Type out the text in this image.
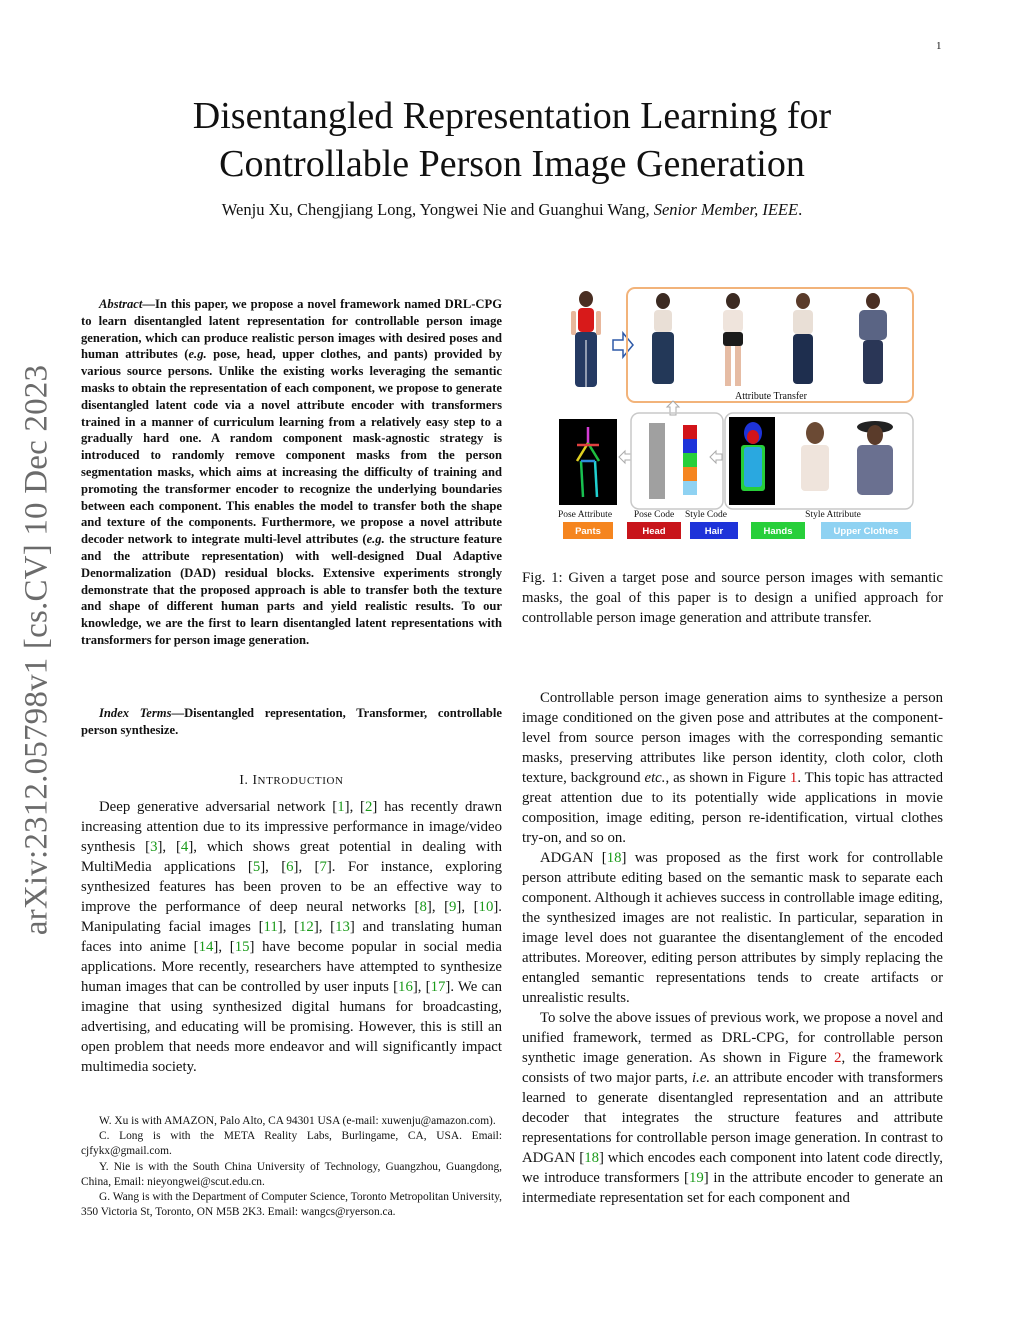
1
arXiv:2312.05798v1 [cs.CV] 10 Dec 2023
Disentangled Representation Learning for
Controllable Person Image Generation
Wenju Xu, Chengjiang Long, Yongwei Nie and Guanghui Wang, Senior Member, IEEE.
Abstract—In this paper, we propose a novel framework named DRL-CPG to learn disentangled latent representation for controllable person image generation, which can produce realistic person images with desired poses and human attributes (e.g. pose, head, upper clothes, and pants) provided by various source persons. Unlike the existing works leveraging the semantic masks to obtain the representation of each component, we propose to generate disentangled latent code via a novel attribute encoder with transformers trained in a manner of curriculum learning from a relatively easy step to a gradually hard one. A random component mask-agnostic strategy is introduced to randomly remove component masks from the person segmentation masks, which aims at increasing the difficulty of training and promoting the transformer encoder to recognize the underlying boundaries between each component. This enables the model to transfer both the shape and texture of the components. Furthermore, we propose a novel attribute decoder network to integrate multi-level attributes (e.g. the structure feature and the attribute representation) with well-designed Dual Adaptive Denormalization (DAD) residual blocks. Extensive experiments strongly demonstrate that the proposed approach is able to transfer both the texture and shape of different human parts and yield realistic results. To our knowledge, we are the first to learn disentangled latent representations with transformers for person image generation.
Index Terms—Disentangled representation, Transformer, controllable person synthesize.
I. INTRODUCTION

Deep generative adversarial network [1], [2] has recently drawn increasing attention due to its impressive performance in image/video synthesis [3], [4], which shows great potential in dealing with MultiMedia applications [5], [6], [7]. For instance, exploring synthesized features has been proven to be an effective way to improve the performance of deep neural networks [8], [9], [10]. Manipulating facial images [11], [12], [13] and translating human faces into anime [14], [15] have become popular in social media applications. More recently, researchers have attempted to synthesize human images that can be controlled by user inputs [16], [17]. We can imagine that using synthesized digital humans for broadcasting, advertising, and educating will be promising. However, this is still an open problem that needs more endeavor and will significantly impact multimedia society.

W. Xu is with AMAZON, Palo Alto, CA 94301 USA (e-mail: xuwenju@amazon.com).

C. Long is with the META Reality Labs, Burlingame, CA, USA. Email: cjfykx@gmail.com.

Y. Nie is with the South China University of Technology, Guangzhou, Guangdong, China, Email: nieyongwei@scut.edu.cn.

G. Wang is with the Department of Computer Science, Toronto Metropolitan University, 350 Victoria St, Toronto, ON M5B 2K3. Email: wangcs@ryerson.ca.

Attribute Transfer
Pose Attribute Pose Code Style Code	Style Attribute
Pants	Head	Hair	Hands	Upper Clothes
Fig. 1: Given a target pose and source person images with semantic masks, the goal of this paper is to design a unified approach for controllable person image generation and attribute transfer.

Controllable person image generation aims to synthesize a person image conditioned on the given pose and attributes at the component-level from source person images with the corresponding semantic masks, preserving attributes like person identity, cloth color, cloth texture, background etc., as shown in Figure 1. This topic has attracted great attention due to its potentially wide applications in movie composition, image editing, person re-identification, virtual clothes try-on, and so on.

ADGAN [18] was proposed as the first work for controllable person attribute editing based on the semantic mask to separate each component. Although it achieves success in controllable image editing, the synthesized images are not realistic. In particular, separation in image level does not guarantee the disentanglement of the encoded attributes. Moreover, editing person attributes by simply replacing the entangled semantic representations tends to create artifacts or unrealistic results.

To solve the above issues of previous work, we propose a novel and unified framework, termed as DRL-CPG, for controllable person synthetic image generation. As shown in Figure 2, the framework consists of two major parts, i.e. an attribute encoder with transformers learned to generate disentangled representation and an attribute decoder that integrates the structure features and attribute representations for controllable person image generation. In contrast to ADGAN [18] which encodes each component into latent code directly, we introduce transformers [19] in the attribute encoder to generate an intermediate representation set for each component and
